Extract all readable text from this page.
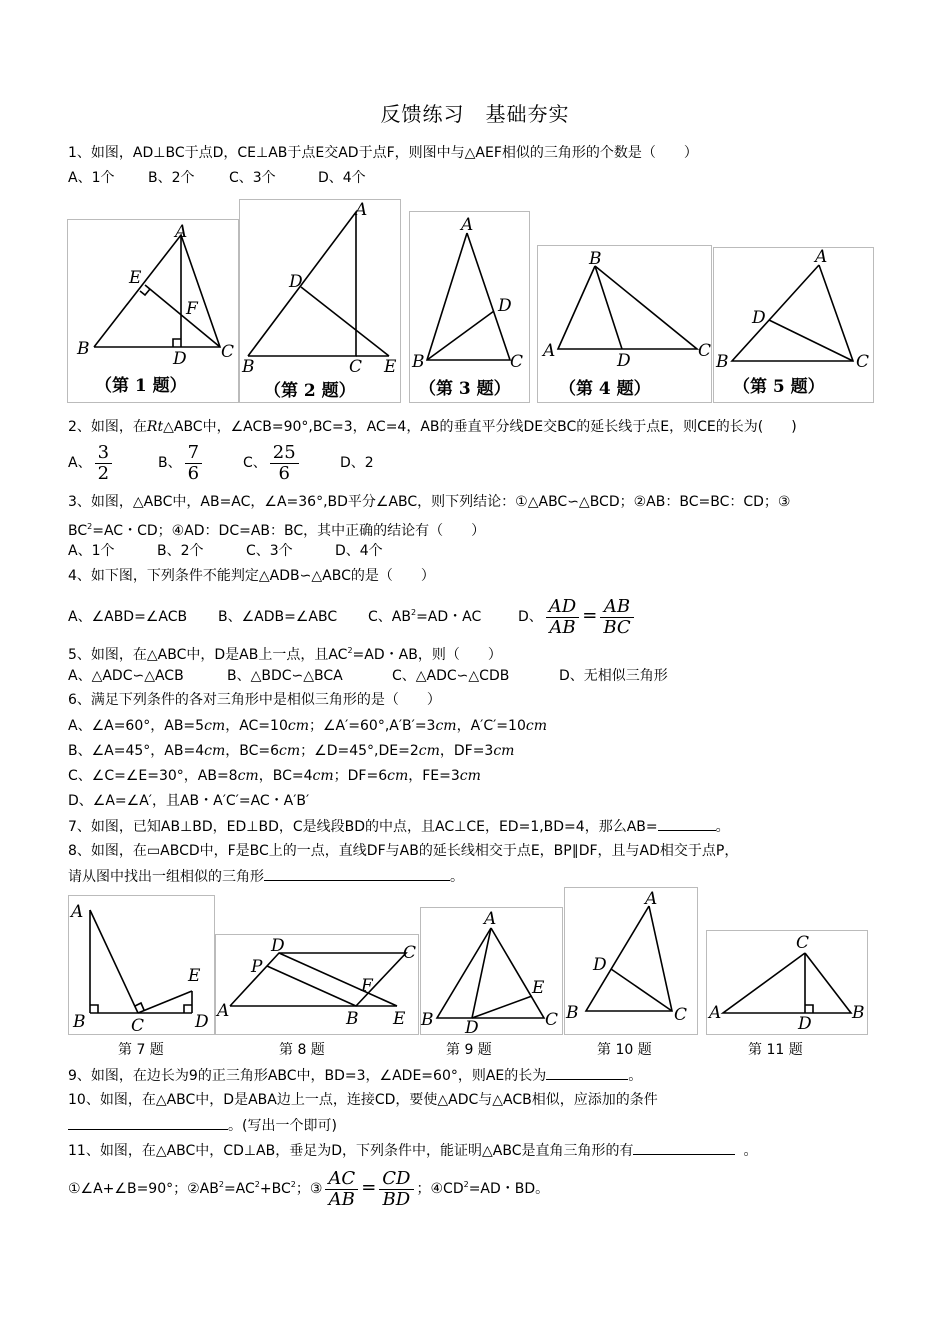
反馈练习　基础夯实
1、如图，AD⊥BC于点D，CE⊥AB于点E交AD于点F，则图中与△AEF相似的三角形的个数是（　　）
A、1个 B、2个 C、3个	D、4个
A
E
F
B	D C
（第 1 题）
A
D
B	C E
（第 2 题）
A
D
B	C
（第 3 题）
B
A	D	C
（第 4 题）
A
D
B	C
（第 5 题）
2、如图，在Rt△ABC中，∠ACB=90°,BC=3，AC=4，AB的垂直平分线DE交BC的延长线于点E，则CE的长为(　　)
A、 $\frac{3}{2}$	B、 $\frac{7}{6}$	C、 $\frac{25}{6}$	D、2
3、如图，△ABC中，AB=AC，∠A=36°,BD平分∠ABC，则下列结论：①△ABC∽△BCD；②AB：BC=BC：CD；③
$BC^2=AC$・CD；④AD：DC=AB：BC，其中正确的结论有（　　）
A、1个	B、2个	C、3个	D、4个
4、如下图，下列条件不能判定△ADB∽△ABC的是（　　）
A、∠ABD=∠ACB B、∠ADB=∠ABC C、$AB^2=AD$・AC	D、 $\frac{AD}{AB} = \frac{AB}{BC}$
5、如图，在△ABC中，D是AB上一点，且$AC^2=AD$・AB，则（　　）
A、△ADC∽△ACB	B、△BDC∽△BCA	C、△ADC∽△CDB	D、无相似三角形
6、满足下列条件的各对三角形中是相似三角形的是（　　）
A、∠A=60°，AB=5cm，AC=10cm；∠A′=60°,A′B′=3cm，A′C′=10cm
B、∠A=45°，AB=4cm，BC=6cm；∠D=45°,DE=2cm，DF=3cm
C、∠C=∠E=30°，AB=8cm，BC=4cm；DF=6cm，FE=3cm
D、∠A=∠A′，且AB・A′C′=AC・A′B′
7、如图，已知AB⊥BD，ED⊥BD，C是线段BD的中点，且AC⊥CE，ED=1,BD=4，那么AB=	。
8、如图，在▭ABCD中，F是BC上的一点，直线DF与AB的延长线相交于点E，BP∥DF，且与AD相交于点P，
请从图中找出一组相似的三角形	。
A
E
B	C	D
D	C
P
F
A	B E
A
E
B D	C
A
D
B	C
C
A
D
B
第 7 题	第 8 题	第 9 题	第 10 题	第 11 题
9、如图，在边长为9的正三角形ABC中，BD=3，∠ADE=60°，则AE的长为	。
10、如图，在△ABC中，D是ABA边上一点，连接CD，要使△ADC与△ACB相似，应添加的条件
。(写出一个即可)
11、如图，在△ABC中，CD⊥AB，垂足为D，下列条件中，能证明△ABC是直角三角形的有	。
①∠A+∠B=90°；$②AB^2=AC^2+BC^2$；③ $\frac{AC}{AB} = \frac{CD}{BD}$ ；$④CD^2=AD$・BD。
